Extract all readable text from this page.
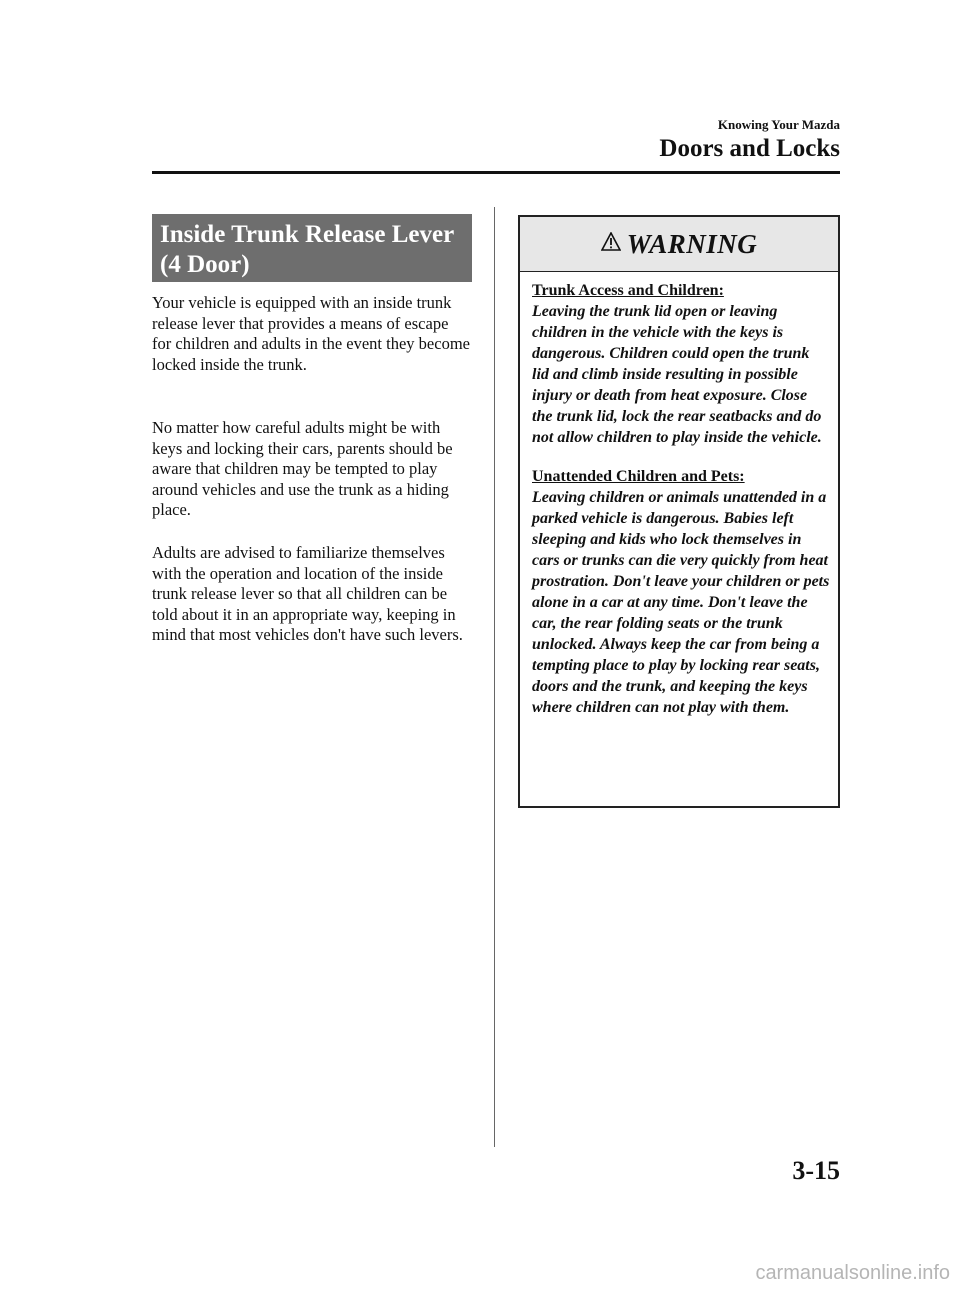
Knowing Your Mazda
Doors and Locks
Inside Trunk Release Lever (4 Door)

Your vehicle is equipped with an inside trunk release lever that provides a means of escape for children and adults in the event they become locked inside the trunk.

No matter how careful adults might be with keys and locking their cars, parents should be aware that children may be tempted to play around vehicles and use the trunk as a hiding place.

Adults are advised to familiarize themselves with the operation and location of the inside trunk release lever so that all children can be told about it in an appropriate way, keeping in mind that most vehicles don't have such levers.

WARNING

Trunk Access and Children:
Leaving the trunk lid open or leaving children in the vehicle with the keys is dangerous. Children could open the trunk lid and climb inside resulting in possible injury or death from heat exposure. Close the trunk lid, lock the rear seatbacks and do not allow children to play inside the vehicle.

Unattended Children and Pets:
Leaving children or animals unattended in a parked vehicle is dangerous. Babies left sleeping and kids who lock themselves in cars or trunks can die very quickly from heat prostration. Don't leave your children or pets alone in a car at any time. Don't leave the car, the rear folding seats or the trunk unlocked. Always keep the car from being a tempting place to play by locking rear seats, doors and the trunk, and keeping the keys where children can not play with them.

3-15
carmanualsonline.info
